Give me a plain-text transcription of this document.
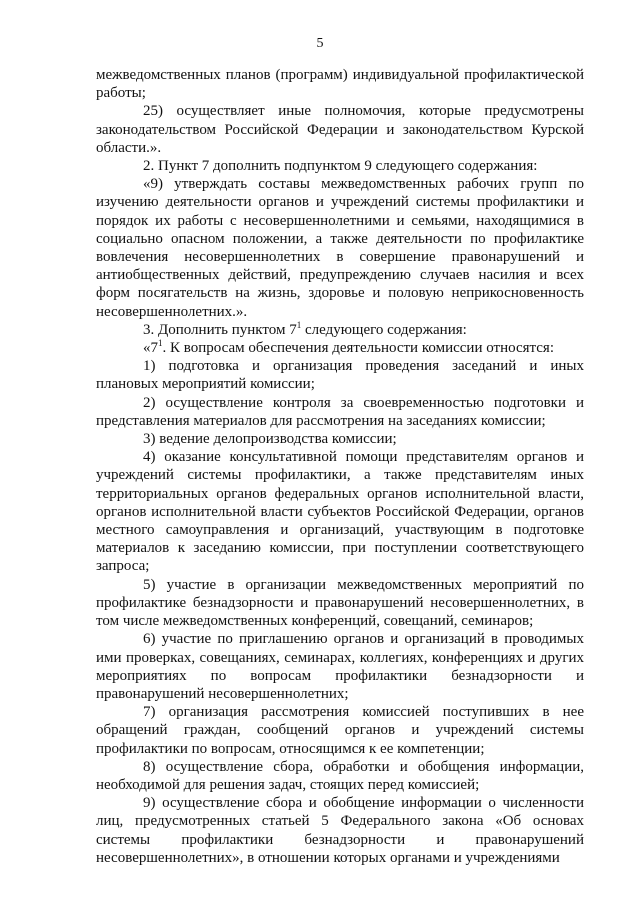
5

межведомственных планов (программ) индивидуальной профилактической работы;

25) осуществляет иные полномочия, которые предусмотрены законодательством Российской Федерации и законодательством Курской области.».

2. Пункт 7 дополнить подпунктом 9 следующего содержания:

«9) утверждать составы межведомственных рабочих групп по изучению деятельности органов и учреждений системы профилактики и порядок их работы с несовершеннолетними и семьями, находящимися в социально опасном положении, а также деятельности по профилактике вовлечения несовершеннолетних в совершение правонарушений и антиобщественных действий, предупреждению случаев насилия и всех форм посягательств на жизнь, здоровье и половую неприкосновенность несовершеннолетних.».

3. Дополнить пунктом $7^1$ следующего содержания:

«$7^1$. К вопросам обеспечения деятельности комиссии относятся:

1) подготовка и организация проведения заседаний и иных плановых мероприятий комиссии;

2) осуществление контроля за своевременностью подготовки и представления материалов для рассмотрения на заседаниях комиссии;

3) ведение делопроизводства комиссии;

4) оказание консультативной помощи представителям органов и учреждений системы профилактики, а также представителям иных территориальных органов федеральных органов исполнительной власти, органов исполнительной власти субъектов Российской Федерации, органов местного самоуправления и организаций, участвующим в подготовке материалов к заседанию комиссии, при поступлении соответствующего запроса;

5) участие в организации межведомственных мероприятий по профилактике безнадзорности и правонарушений несовершеннолетних, в том числе межведомственных конференций, совещаний, семинаров;

6) участие по приглашению органов и организаций в проводимых ими проверках, совещаниях, семинарах, коллегиях, конференциях и других мероприятиях по вопросам профилактики безнадзорности и правонарушений несовершеннолетних;

7) организация рассмотрения комиссией поступивших в нее обращений граждан, сообщений органов и учреждений системы профилактики по вопросам, относящимся к ее компетенции;

8) осуществление сбора, обработки и обобщения информации, необходимой для решения задач, стоящих перед комиссией;

9) осуществление сбора и обобщение информации о численности лиц, предусмотренных статьей 5 Федерального закона «Об основах системы профилактики безнадзорности и правонарушений несовершеннолетних», в отношении которых органами и учреждениями
